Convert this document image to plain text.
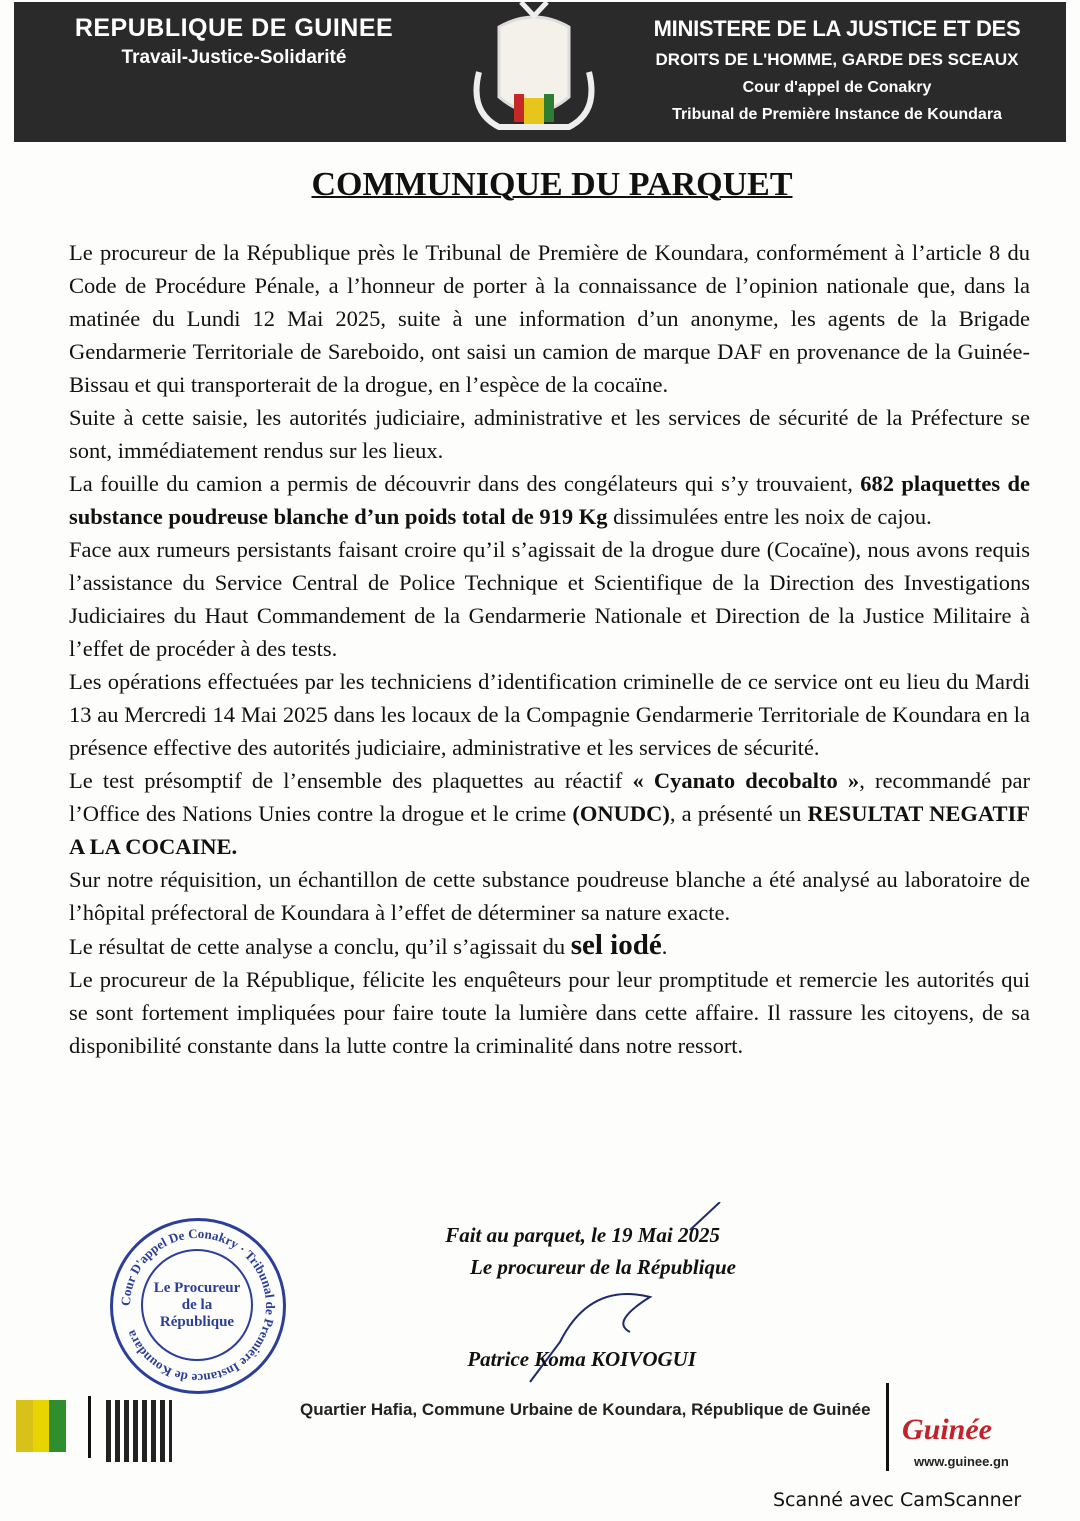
REPUBLIQUE DE GUINEE
Travail-Justice-Solidarité
MINISTERE DE LA JUSTICE ET DES
DROITS DE L'HOMME, GARDE DES SCEAUX
Cour d'appel de Conakry
Tribunal de Première Instance de Koundara
COMMUNIQUE DU PARQUET

Le procureur de la République près le Tribunal de Première de Koundara, conformément à l’article 8 du Code de Procédure Pénale, a l’honneur de porter à la connaissance de l’opinion nationale que, dans la matinée du Lundi 12 Mai 2025, suite à une information d’un anonyme, les agents de la Brigade Gendarmerie Territoriale de Sareboido, ont saisi un camion de marque DAF en provenance de la Guinée-Bissau et qui transporterait de la drogue, en l’espèce de la cocaïne.

Suite à cette saisie, les autorités judiciaire, administrative et les services de sécurité de la Préfecture se sont, immédiatement rendus sur les lieux.

La fouille du camion a permis de découvrir dans des congélateurs qui s’y trouvaient, 682 plaquettes de substance poudreuse blanche d’un poids total de 919 Kg dissimulées entre les noix de cajou.

Face aux rumeurs persistants faisant croire qu’il s’agissait de la drogue dure (Cocaïne), nous avons requis l’assistance du Service Central de Police Technique et Scientifique de la Direction des Investigations Judiciaires du Haut Commandement de la Gendarmerie Nationale et Direction de la Justice Militaire à l’effet de procéder à des tests.

Les opérations effectuées par les techniciens d’identification criminelle de ce service ont eu lieu du Mardi 13 au Mercredi 14 Mai 2025 dans les locaux de la Compagnie Gendarmerie Territoriale de Koundara en la présence effective des autorités judiciaire, administrative et les services de sécurité.

Le test présomptif de l’ensemble des plaquettes au réactif « Cyanato decobalto », recommandé par l’Office des Nations Unies contre la drogue et le crime (ONUDC), a présenté un RESULTAT NEGATIF A LA COCAINE.

Sur notre réquisition, un échantillon de cette substance poudreuse blanche a été analysé au laboratoire de l’hôpital préfectoral de Koundara à l’effet de déterminer sa nature exacte.

Le résultat de cette analyse a conclu, qu’il s’agissait du sel iodé.

Le procureur de la République, félicite les enquêteurs pour leur promptitude et remercie les autorités qui se sont fortement impliquées pour faire toute la lumière dans cette affaire. Il rassure les citoyens, de sa disponibilité constante dans la lutte contre la criminalité dans notre ressort.

Cour D'appel De Conakry · Tribunal de Première Instance de Koundara
Le Procureur
de la République
Fait au parquet, le 19 Mai 2025
Le procureur de la République
Patrice Koma KOIVOGUI
Quartier Hafia, Commune Urbaine de Koundara, République de Guinée
Guinée
www.guinee.gn
Scanné avec CamScanner
